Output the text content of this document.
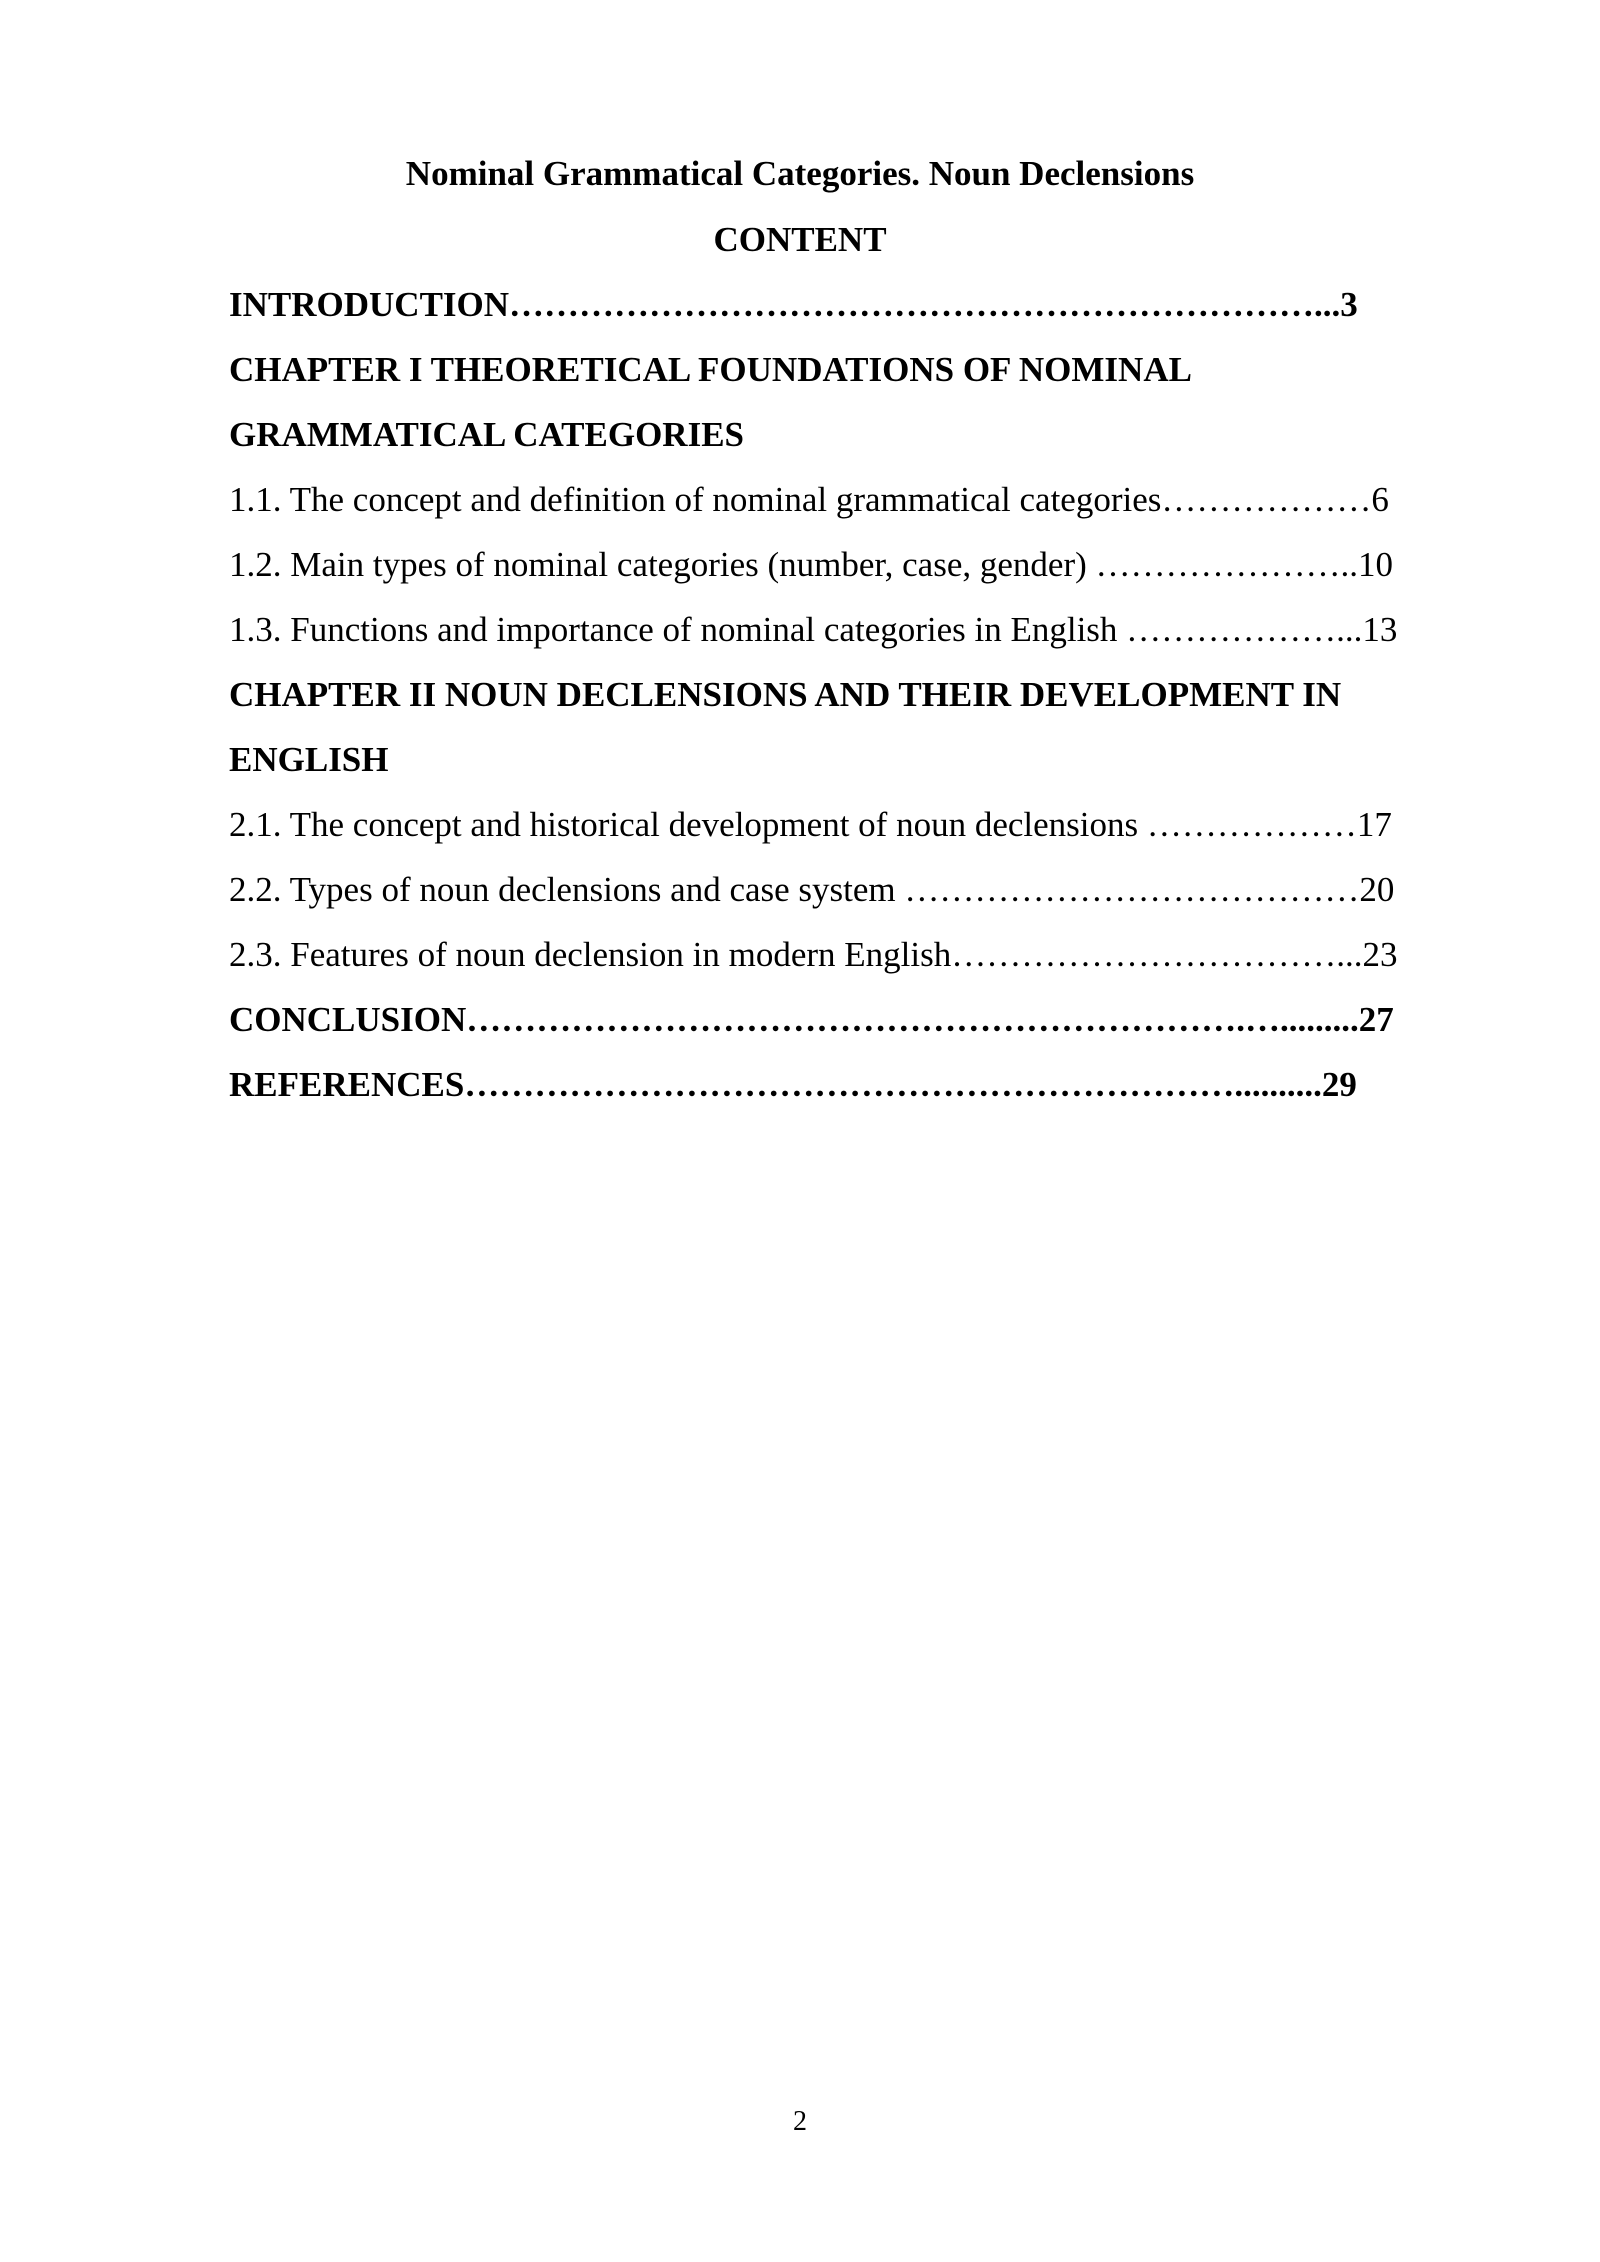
Nominal Grammatical Categories. Noun Declensions
CONTENT
INTRODUCTION……………………………………………………………...3
CHAPTER I THEORETICAL FOUNDATIONS OF NOMINAL
GRAMMATICAL CATEGORIES
1.1. The concept and definition of nominal grammatical categories………………6
1.2. Main types of nominal categories (number, case, gender) …………………..10
1.3. Functions and importance of nominal categories in English ………………...13
CHAPTER II NOUN DECLENSIONS AND THEIR DEVELOPMENT IN
ENGLISH
2.1. The concept and historical development of noun declensions ………………17
2.2. Types of noun declensions and case system …………………………………20
2.3. Features of noun declension in modern English……………………………...23
CONCLUSION………………………………………………………….….........27
REFERENCES…………………………………………………………..........29
2
